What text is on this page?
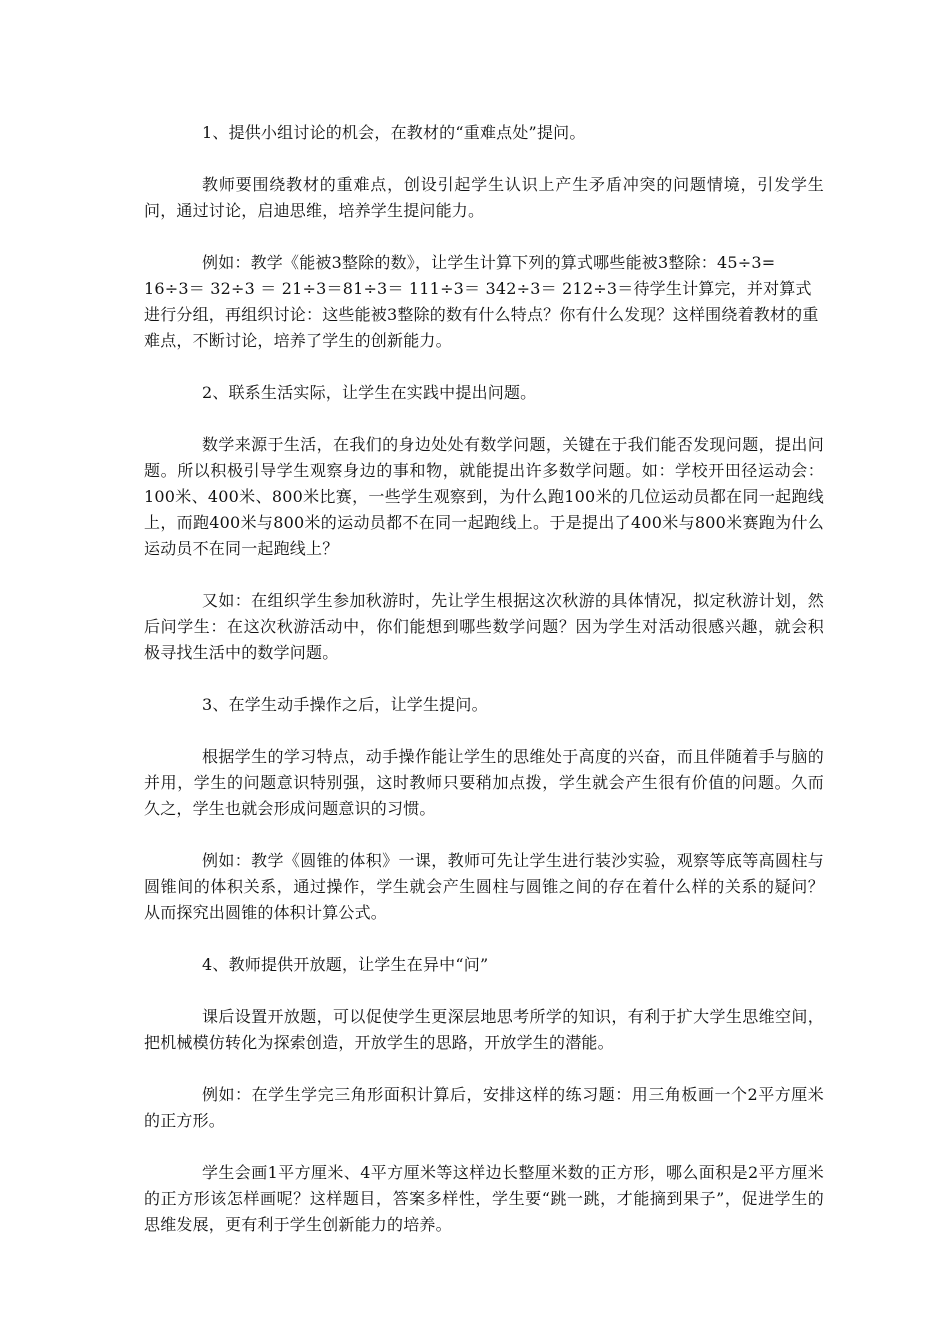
1、提供小组讨论的机会，在教材的“重难点处”提问。

教师要围绕教材的重难点，创设引起学生认识上产生矛盾冲突的问题情境，引发学生问，通过讨论，启迪思维，培养学生提问能力。

例如：教学《能被3整除的数》，让学生计算下列的算式哪些能被3整除：45÷3= 16÷3＝ 32÷3 ＝ 21÷3＝81÷3＝ 111÷3＝ 342÷3＝ 212÷3＝待学生计算完，并对算式进行分组，再组织讨论：这些能被3整除的数有什么特点？你有什么发现？这样围绕着教材的重难点，不断讨论，培养了学生的创新能力。

2、联系生活实际，让学生在实践中提出问题。

数学来源于生活，在我们的身边处处有数学问题，关键在于我们能否发现问题，提出问题。所以积极引导学生观察身边的事和物，就能提出许多数学问题。如：学校开田径运动会：100米、400米、800米比赛，一些学生观察到，为什么跑100米的几位运动员都在同一起跑线上，而跑400米与800米的运动员都不在同一起跑线上。于是提出了400米与800米赛跑为什么运动员不在同一起跑线上？

又如：在组织学生参加秋游时，先让学生根据这次秋游的具体情况，拟定秋游计划，然后问学生：在这次秋游活动中，你们能想到哪些数学问题？因为学生对活动很感兴趣，就会积极寻找生活中的数学问题。

3、在学生动手操作之后，让学生提问。

根据学生的学习特点，动手操作能让学生的思维处于高度的兴奋，而且伴随着手与脑的并用，学生的问题意识特别强，这时教师只要稍加点拨，学生就会产生很有价值的问题。久而久之，学生也就会形成问题意识的习惯。

例如：教学《圆锥的体积》一课，教师可先让学生进行装沙实验，观察等底等高圆柱与圆锥间的体积关系，通过操作，学生就会产生圆柱与圆锥之间的存在着什么样的关系的疑问？从而探究出圆锥的体积计算公式。

4、教师提供开放题，让学生在异中“问”

课后设置开放题，可以促使学生更深层地思考所学的知识，有利于扩大学生思维空间，把机械模仿转化为探索创造，开放学生的思路，开放学生的潜能。

例如：在学生学完三角形面积计算后，安排这样的练习题：用三角板画一个2平方厘米的正方形。

学生会画1平方厘米、4平方厘米等这样边长整厘米数的正方形，哪么面积是2平方厘米的正方形该怎样画呢？这样题目，答案多样性，学生要“跳一跳，才能摘到果子”，促进学生的思维发展，更有利于学生创新能力的培养。
